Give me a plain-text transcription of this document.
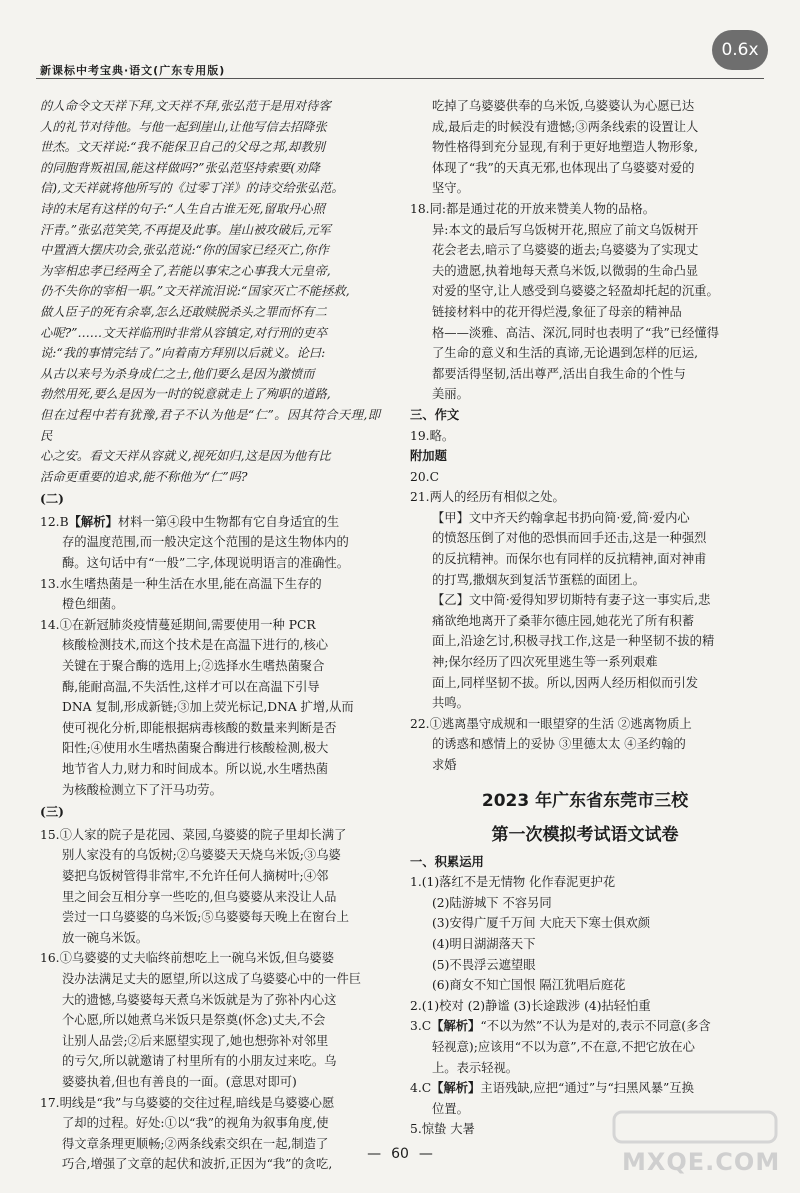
新课标中考宝典·语文(广东专用版)
0.6x

的人命令文天祥下拜,文天祥不拜,张弘范于是用对待客

人的礼节对待他。与他一起到崖山,让他写信去招降张

世杰。文天祥说:“我不能保卫自己的父母之邦,却教别

的同胞背叛祖国,能这样做吗?”张弘范坚持索要(劝降

信),文天祥就将他所写的《过零丁洋》的诗交给张弘范。

诗的末尾有这样的句子:“人生自古谁无死,留取丹心照

汗青。”张弘范笑笑,不再提及此事。崖山被攻破后,元军

中置酒大摆庆功会,张弘范说:“你的国家已经灭亡,你作

为宰相忠孝已经两全了,若能以事宋之心事我大元皇帝,

仍不失你的宰相一职。”文天祥流泪说:“国家灭亡不能拯救,

做人臣子的死有余辜,怎么还敢赎脱杀头之罪而怀有二

心呢?”……文天祥临刑时非常从容镇定,对行刑的吏卒

说:“我的事情完结了。”向着南方拜别以后就义。论曰:

从古以来号为杀身成仁之士,他们要么是因为激愤而

勃然用死,要么是因为一时的锐意就走上了殉职的道路,

但在过程中若有犹豫,君子不认为他是“仁”。因其符合天理,即民

心之安。看文天祥从容就义,视死如归,这是因为他有比

活命更重要的追求,能不称他为“仁”吗?

(二)

12.B【解析】材料一第④段中生物都有它自身适宜的生

存的温度范围,而一般决定这个范围的是这生物体内的

酶。这句话中有“一般”二字,体现说明语言的准确性。

13.水生嗜热菌是一种生活在水里,能在高温下生存的

橙色细菌。

14.①在新冠肺炎疫情蔓延期间,需要使用一种 PCR

核酸检测技术,而这个技术是在高温下进行的,核心

关键在于聚合酶的选用上;②选择水生嗜热菌聚合

酶,能耐高温,不失活性,这样才可以在高温下引导

DNA 复制,形成新链;③加上荧光标记,DNA 扩增,从而

使可视化分析,即能根据病毒核酸的数量来判断是否

阳性;④使用水生嗜热菌聚合酶进行核酸检测,极大

地节省人力,财力和时间成本。所以说,水生嗜热菌

为核酸检测立下了汗马功劳。

(三)

15.①人家的院子是花园、菜园,乌婆婆的院子里却长满了

别人家没有的乌饭树;②乌婆婆天天烧乌米饭;③乌婆

婆把乌饭树管得非常牢,不允许任何人摘树叶;④邻

里之间会互相分享一些吃的,但乌婆婆从来没让人品

尝过一口乌婆婆的乌米饭;⑤乌婆婆每天晚上在窗台上

放一碗乌米饭。

16.①乌婆婆的丈夫临终前想吃上一碗乌米饭,但乌婆婆

没办法满足丈夫的愿望,所以这成了乌婆婆心中的一件巨

大的遗憾,乌婆婆每天煮乌米饭就是为了弥补内心这

个心愿,所以她煮乌米饭只是祭奠(怀念)丈夫,不会

让别人品尝;②后来愿望实现了,她也想弥补对邻里

的亏欠,所以就邀请了村里所有的小朋友过来吃。乌

婆婆执着,但也有善良的一面。(意思对即可)

17.明线是“我”与乌婆婆的交往过程,暗线是乌婆婆心愿

了却的过程。好处:①以“我”的视角为叙事角度,使

得文章条理更顺畅;②两条线索交织在一起,制造了

巧合,增强了文章的起伏和波折,正因为“我”的贪吃,

吃掉了乌婆婆供奉的乌米饭,乌婆婆认为心愿已达

成,最后走的时候没有遗憾;③两条线索的设置让人

物性格得到充分显现,有利于更好地塑造人物形象,

体现了“我”的天真无邪,也体现出了乌婆婆对爱的

坚守。

18.同:都是通过花的开放来赞美人物的品格。

异:本文的最后写乌饭树开花,照应了前文乌饭树开

花会老去,暗示了乌婆婆的逝去;乌婆婆为了实现丈

夫的遗愿,执着地每天煮乌米饭,以微弱的生命凸显

对爱的坚守,让人感受到乌婆婆之轻盈却托起的沉重。

链接材料中的花开得烂漫,象征了母亲的精神品

格——淡雅、高洁、深沉,同时也表明了“我”已经懂得

了生命的意义和生活的真谛,无论遇到怎样的厄运,

都要活得坚韧,活出尊严,活出自我生命的个性与

美丽。

三、作文

19.略。

附加题

20.C

21.两人的经历有相似之处。

【甲】文中齐天约翰拿起书扔向简·爱,简·爱内心

的愤怒压倒了对他的恐惧而回手还击,这是一种强烈

的反抗精神。而保尔也有同样的反抗精神,面对神甫

的打骂,撒烟灰到复活节蛋糕的面团上。

【乙】文中简·爱得知罗切斯特有妻子这一事实后,悲

痛欲绝地离开了桑菲尔德庄园,她花光了所有积蓄

面上,沿途乞讨,积极寻找工作,这是一种坚韧不拔的精

神;保尔经历了四次死里逃生等一系列艰难

面上,同样坚韧不拔。所以,因两人经历相似而引发

共鸣。

22.①逃离墨守成规和一眼望穿的生活 ②逃离物质上

的诱惑和感情上的妥协 ③里德太太 ④圣约翰的

求婚

2023 年广东省东莞市三校

第一次模拟考试语文试卷

一、积累运用

1.(1)落红不是无情物 化作春泥更护花

(2)陆游城下 不容另同

(3)安得广厦千万间 大庇天下寒士俱欢颜

(4)明日湖湖落天下

(5)不畏浮云遮望眼

(6)商女不知亡国恨 隔江犹唱后庭花

2.(1)校对 (2)静谧 (3)长途跋涉 (4)拈轻怕重

3.C【解析】“不以为然”不认为是对的,表示不同意(多含

轻视意);应该用“不以为意”,不在意,不把它放在心

上。表示轻视。

4.C【解析】主语残缺,应把“通过”与“扫黑风暴”互换

位置。

5.惊蛰 大暑

— 60 —	MXQE.COM
